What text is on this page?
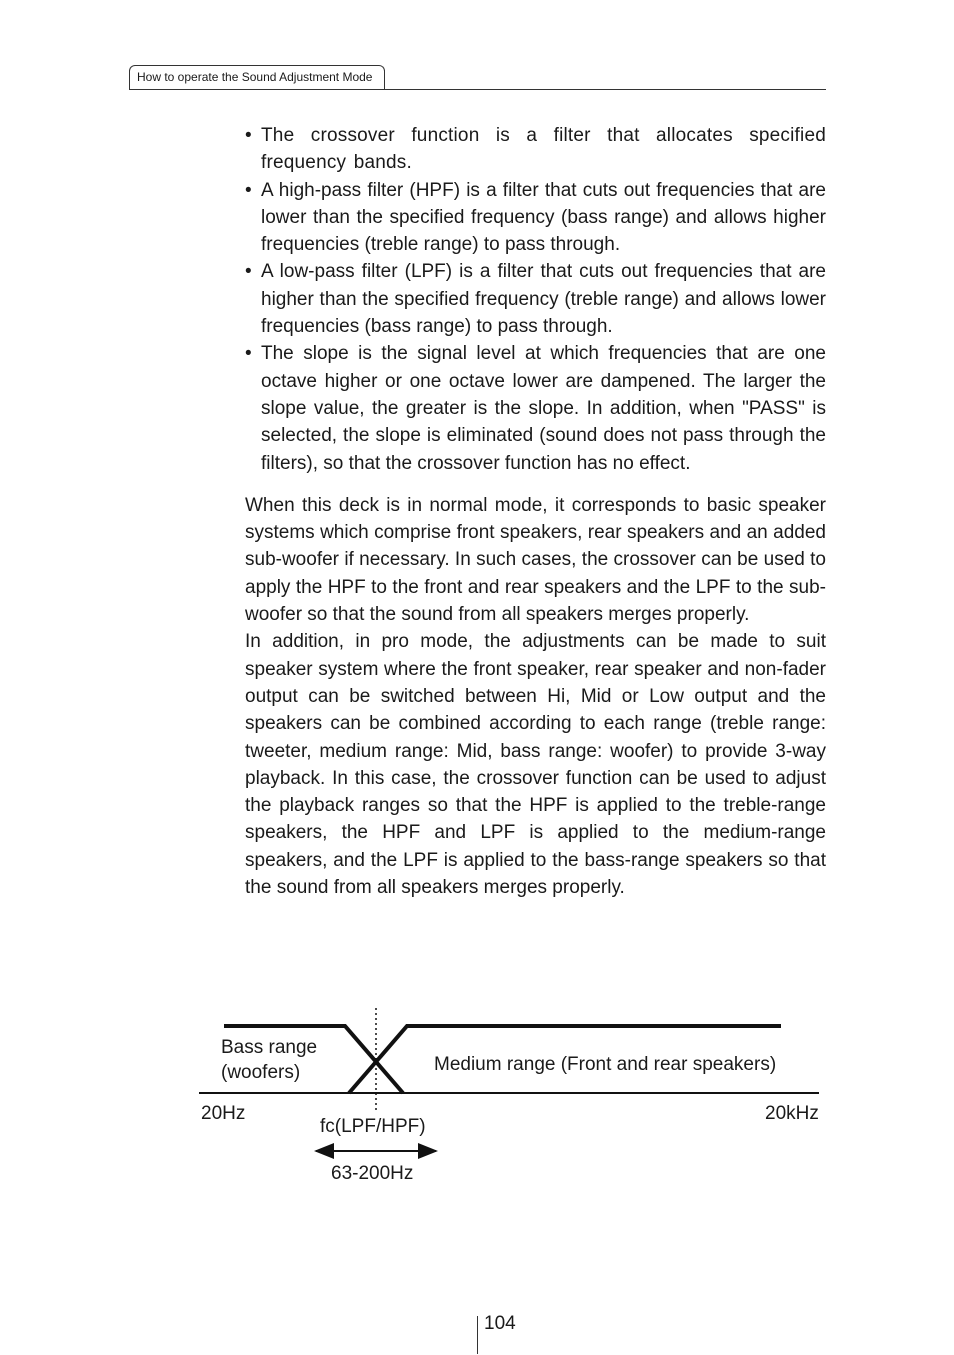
How to operate the Sound Adjustment Mode
• The crossover function is a filter that allocates specified frequency bands.
• A high-pass filter (HPF) is a filter that cuts out frequencies that are lower than the specified frequency (bass range) and allows higher frequencies (treble range) to pass through.
• A low-pass filter (LPF) is a filter that cuts out frequencies that are higher than the specified frequency (treble range) and allows lower frequencies (bass range) to pass through.
• The slope is the signal level at which frequencies that are one octave higher or one octave lower are dampened. The larger the slope value, the greater is the slope. In addition, when "PASS" is selected, the slope is eliminated (sound does not pass through the filters), so that the crossover function has no effect.

When this deck is in normal mode, it corresponds to basic speaker systems which comprise front speakers, rear speakers and an added sub-woofer if necessary. In such cases, the crossover can be used to apply the HPF to the front and rear speakers and the LPF to the sub-woofer so that the sound from all speakers merges properly.

In addition, in pro mode, the adjustments can be made to suit speaker system where the front speaker, rear speaker and non-fader output can be switched between Hi, Mid or Low output and the speakers can be combined according to each range (treble range: tweeter, medium range: Mid, bass range: woofer) to provide 3-way playback. In this case, the crossover function can be used to adjust the playback ranges so that the HPF is applied to the treble-range speakers, the HPF and LPF is applied to the medium-range speakers, and the LPF is applied to the bass-range speakers so that the sound from all speakers merges properly.

Bass range
(woofers)	Medium range (Front and rear speakers)
20Hz	20kHz
fc(LPF/HPF)
63-200Hz
104
